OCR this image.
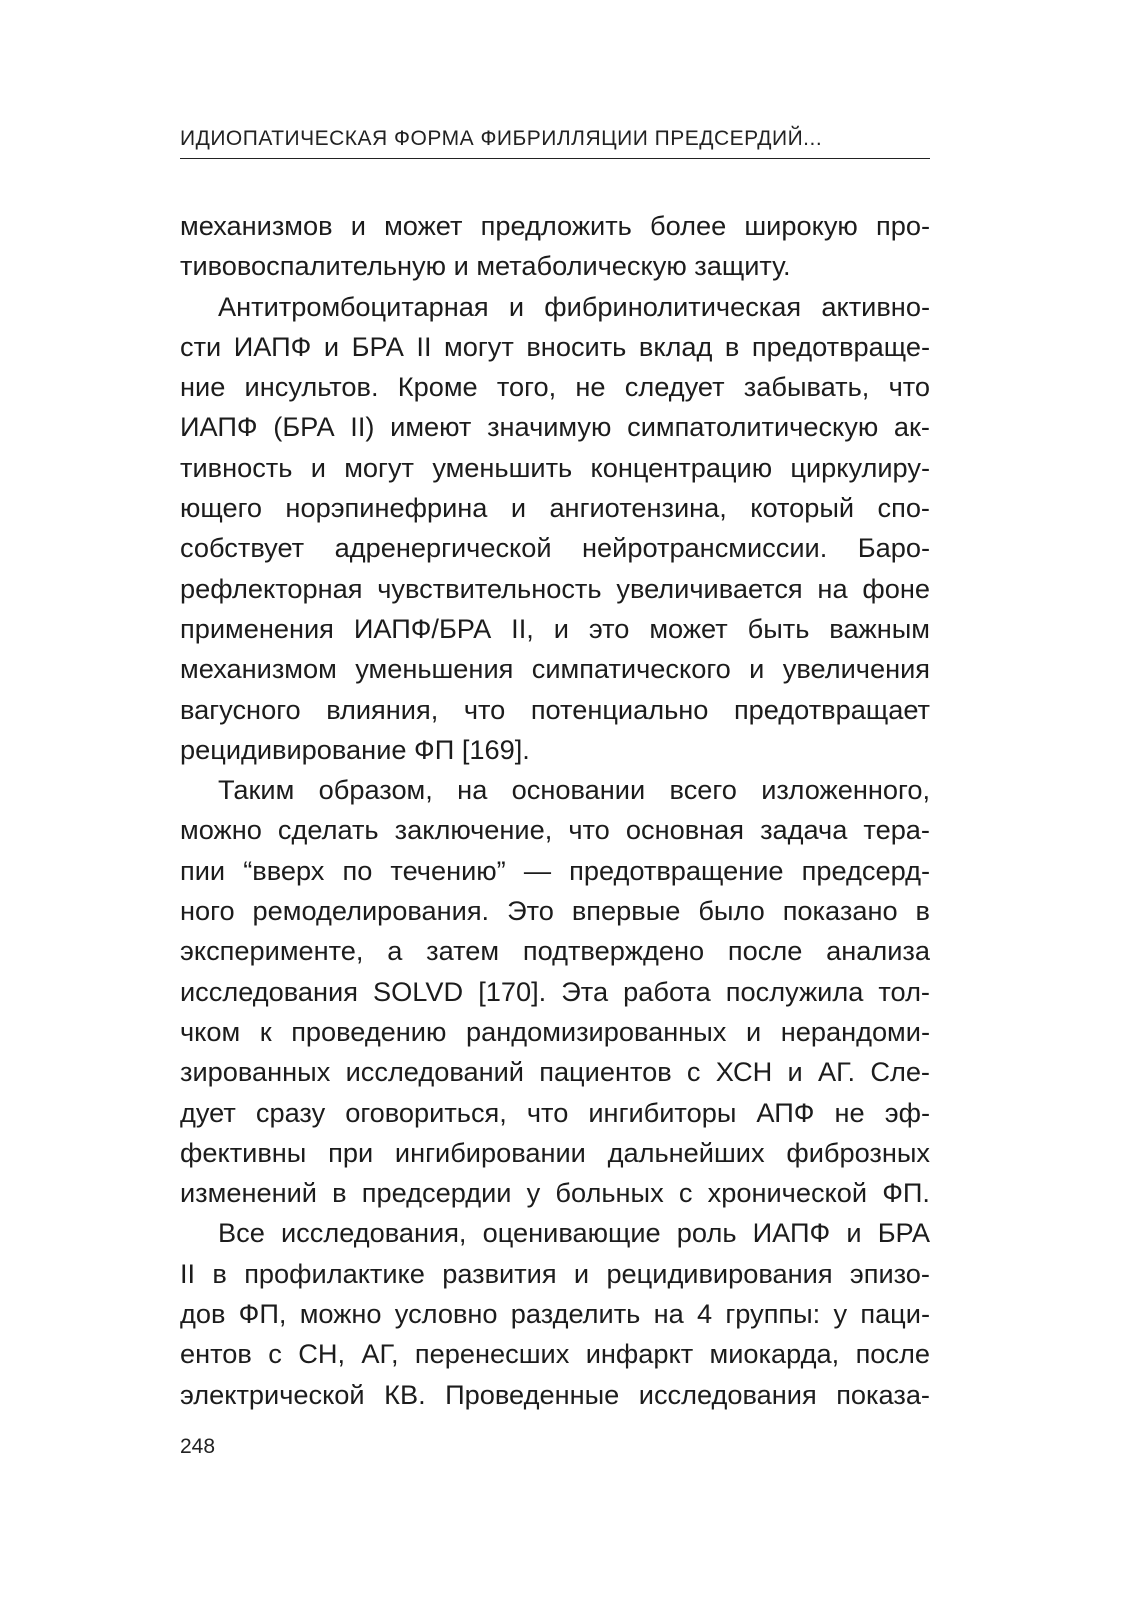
ИДИОПАТИЧЕСКАЯ ФОРМА ФИБРИЛЛЯЦИИ ПРЕДСЕРДИЙ...
механизмов и может предложить более широкую про-
тивовоспалительную и метаболическую защиту.
Антитромбоцитарная и фибринолитическая активно-
сти ИАПФ и БРА II могут вносить вклад в предотвраще-
ние инсультов. Кроме того, не следует забывать, что
ИАПФ (БРА II) имеют значимую симпатолитическую ак-
тивность и могут уменьшить концентрацию циркулиру-
ющего норэпинефрина и ангиотензина, который спо-
собствует адренергической нейротрансмиссии. Баро-
рефлекторная чувствительность увеличивается на фоне
применения ИАПФ/БРА II, и это может быть важным
механизмом уменьшения симпатического и увеличения
вагусного влияния, что потенциально предотвращает
рецидивирование ФП [169].
Таким образом, на основании всего изложенного,
можно сделать заключение, что основная задача тера-
пии “вверх по течению” — предотвращение предсерд-
ного ремоделирования. Это впервые было показано в
эксперименте, а затем подтверждено после анализа
исследования SOLVD [170]. Эта работа послужила тол-
чком к проведению рандомизированных и нерандоми-
зированных исследований пациентов с ХСН и АГ. Сле-
дует сразу оговориться, что ингибиторы АПФ не эф-
фективны при ингибировании дальнейших фиброзных
изменений в предсердии у больных с хронической ФП.
Все исследования, оценивающие роль ИАПФ и БРА
II в профилактике развития и рецидивирования эпизо-
дов ФП, можно условно разделить на 4 группы: у паци-
ентов с СН, АГ, перенесших инфаркт миокарда, после
электрической КВ. Проведенные исследования показа-
248
